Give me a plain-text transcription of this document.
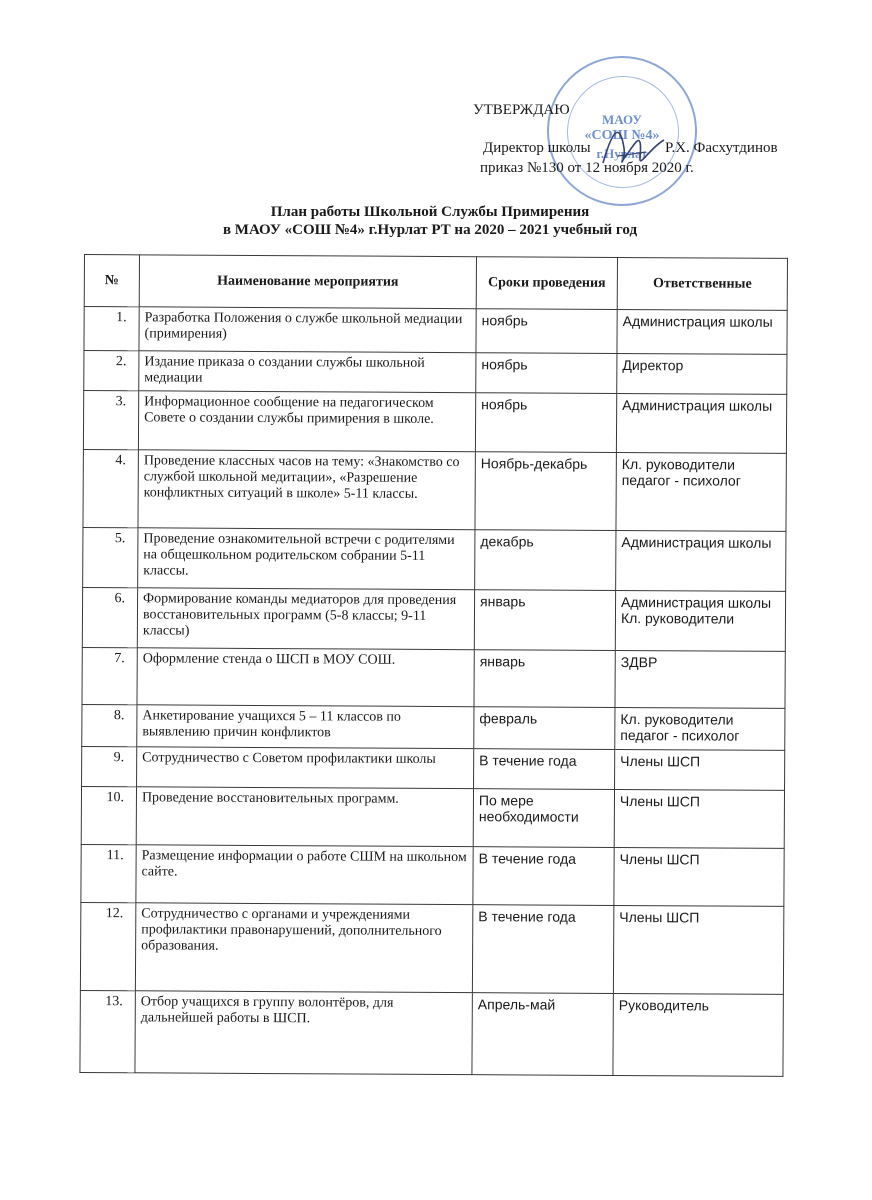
МАОУ
«СОШ №4»
г.Нурлат
УТВЕРЖДАЮ
Директор школы	Р.Х. Фасхутдинов
приказ №130 от 12 ноября 2020 г.
План работы Школьной Службы Примирения
в МАОУ «СОШ №4» г.Нурлат РТ на 2020 – 2021 учебный год
№	Наименование мероприятия	Сроки проведения	Ответственные
1.	Разработка Положения о службе школьной медиации (примирения)	ноябрь	Администрация школы
2.	Издание приказа о создании службы школьной медиации	ноябрь	Директор
3.	Информационное сообщение на педагогическом Совете о создании службы примирения в школе.	ноябрь	Администрация школы
4.	Проведение классных часов на тему: «Знакомство со службой школьной медитации», «Разрешение конфликтных ситуаций в школе» 5-11 классы.	Ноябрь-декабрь	Кл. руководители педагог - психолог
5.	Проведение ознакомительной встречи с родителями на общешкольном родительском собрании 5-11 классы.	декабрь	Администрация школы
6.	Формирование команды медиаторов для проведения восстановительных программ (5-8 классы; 9-11 классы)	январь	Администрация школы Кл. руководители
7.	Оформление стенда о ШСП в МОУ СОШ.	январь	ЗДВР
8.	Анкетирование учащихся 5 – 11 классов по выявлению причин конфликтов	февраль	Кл. руководители педагог - психолог
9.	Сотрудничество с Советом профилактики школы	В течение года	Члены ШСП
10.	Проведение восстановительных программ.	По мере необходимости	Члены ШСП
11.	Размещение информации о работе СШМ на школьном сайте.	В течение года	Члены ШСП
12.	Сотрудничество с органами и учреждениями профилактики правонарушений, дополнительного образования.	В течение года	Члены ШСП
13.	Отбор учащихся в группу волонтёров, для дальнейшей работы в ШСП.	Апрель-май	Руководитель
